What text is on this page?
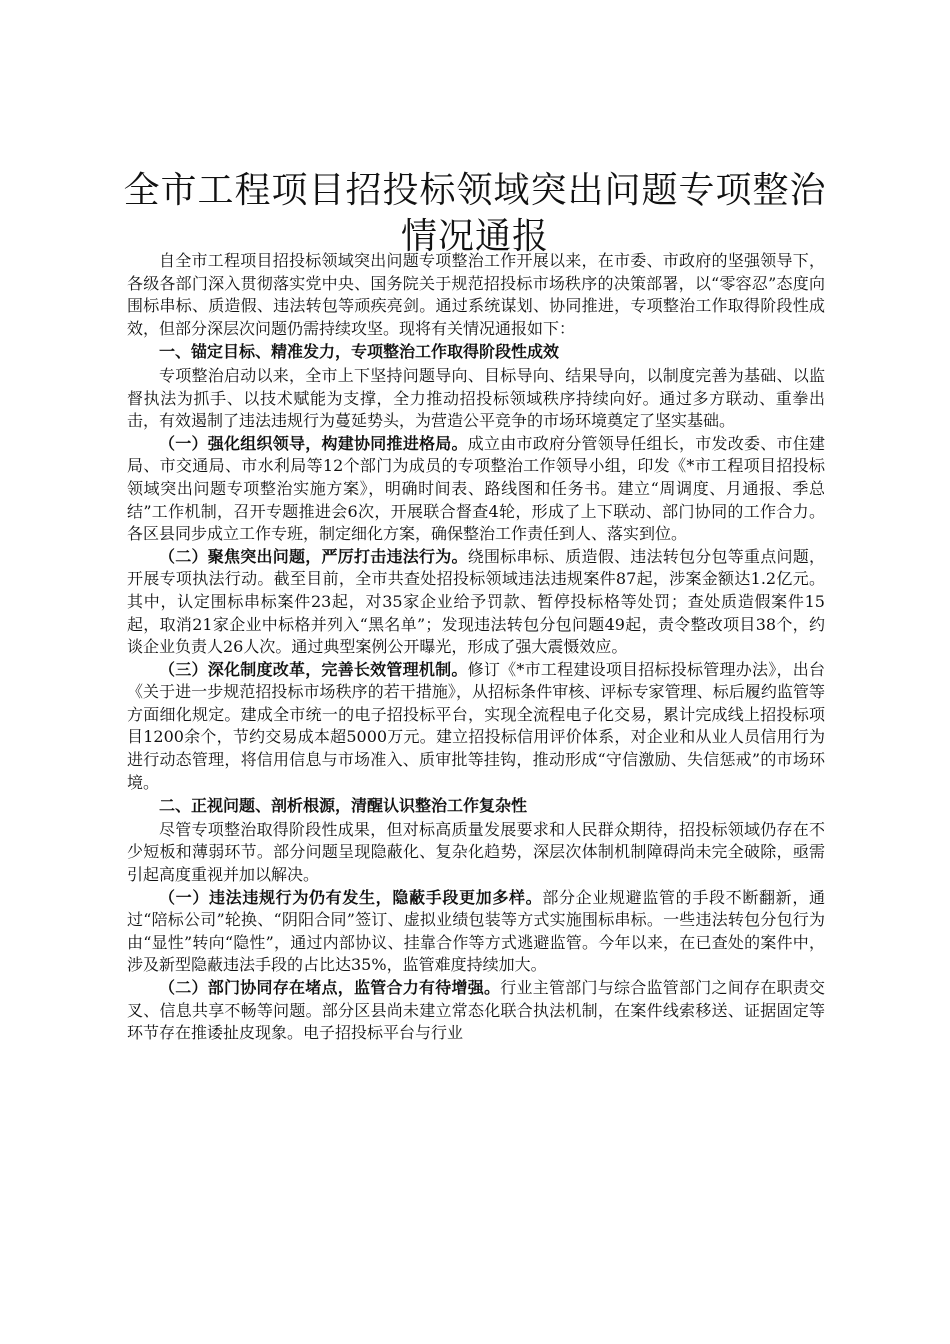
全市工程项目招投标领域突出问题专项整治情况通报

自全市工程项目招投标领域突出问题专项整治工作开展以来，在市委、市政府的坚强领导下，各级各部门深入贯彻落实党中央、国务院关于规范招投标市场秩序的决策部署，以“零容忍”态度向围标串标、质造假、违法转包等顽疾亮剑。通过系统谋划、协同推进，专项整治工作取得阶段性成效，但部分深层次问题仍需持续攻坚。现将有关情况通报如下：

一、锚定目标、精准发力，专项整治工作取得阶段性成效

专项整治启动以来，全市上下坚持问题导向、目标导向、结果导向，以制度完善为基础、以监督执法为抓手、以技术赋能为支撑，全力推动招投标领域秩序持续向好。通过多方联动、重拳出击，有效遏制了违法违规行为蔓延势头，为营造公平竞争的市场环境奠定了坚实基础。

（一）强化组织领导，构建协同推进格局。成立由市政府分管领导任组长，市发改委、市住建局、市交通局、市水利局等12个部门为成员的专项整治工作领导小组，印发《*市工程项目招投标领域突出问题专项整治实施方案》，明确时间表、路线图和任务书。建立“周调度、月通报、季总结”工作机制，召开专题推进会6次，开展联合督查4轮，形成了上下联动、部门协同的工作合力。各区县同步成立工作专班，制定细化方案，确保整治工作责任到人、落实到位。

（二）聚焦突出问题，严厉打击违法行为。绕围标串标、质造假、违法转包分包等重点问题，开展专项执法行动。截至目前，全市共查处招投标领域违法违规案件87起，涉案金额达1.2亿元。其中，认定围标串标案件23起，对35家企业给予罚款、暂停投标格等处罚；查处质造假案件15起，取消21家企业中标格并列入“黑名单”；发现违法转包分包问题49起，责令整改项目38个，约谈企业负责人26人次。通过典型案例公开曝光，形成了强大震慑效应。

（三）深化制度改革，完善长效管理机制。修订《*市工程建设项目招标投标管理办法》，出台《关于进一步规范招投标市场秩序的若干措施》，从招标条件审核、评标专家管理、标后履约监管等方面细化规定。建成全市统一的电子招投标平台，实现全流程电子化交易，累计完成线上招投标项目1200余个，节约交易成本超5000万元。建立招投标信用评价体系，对企业和从业人员信用行为进行动态管理，将信用信息与市场准入、质审批等挂钩，推动形成“守信激励、失信惩戒”的市场环境。

二、正视问题、剖析根源，清醒认识整治工作复杂性

尽管专项整治取得阶段性成果，但对标高质量发展要求和人民群众期待，招投标领域仍存在不少短板和薄弱环节。部分问题呈现隐蔽化、复杂化趋势，深层次体制机制障碍尚未完全破除，亟需引起高度重视并加以解决。

（一）违法违规行为仍有发生，隐蔽手段更加多样。部分企业规避监管的手段不断翻新，通过“陪标公司”轮换、“阴阳合同”签订、虚拟业绩包装等方式实施围标串标。一些违法转包分包行为由“显性”转向“隐性”，通过内部协议、挂靠合作等方式逃避监管。今年以来，在已查处的案件中，涉及新型隐蔽违法手段的占比达35%，监管难度持续加大。

（二）部门协同存在堵点，监管合力有待增强。行业主管部门与综合监管部门之间存在职责交叉、信息共享不畅等问题。部分区县尚未建立常态化联合执法机制，在案件线索移送、证据固定等环节存在推诿扯皮现象。电子招投标平台与行业
